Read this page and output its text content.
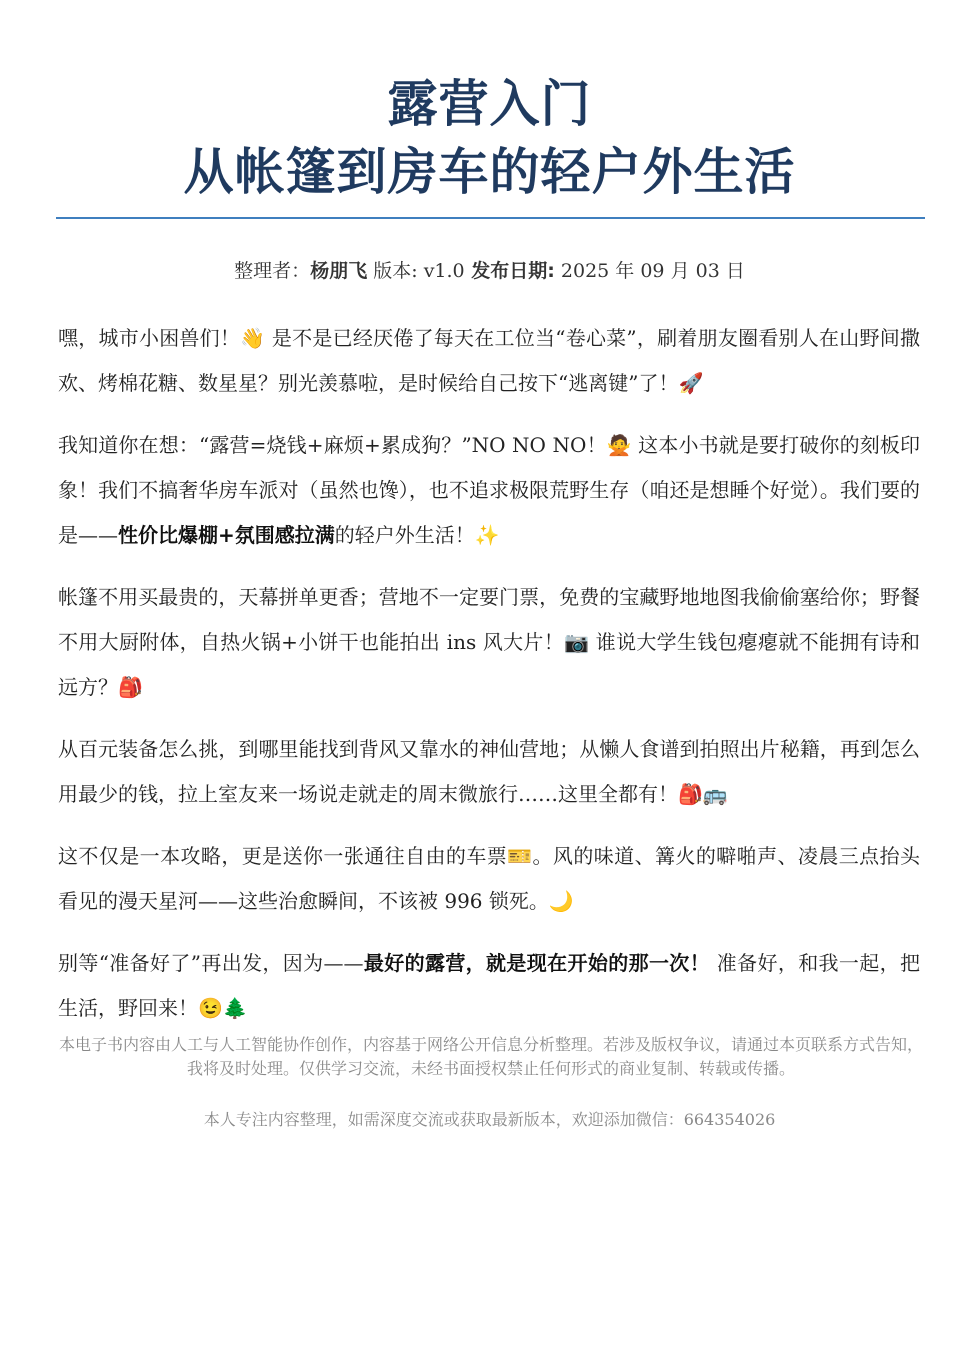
露营入门
从帐篷到房车的轻户外生活
整理者：杨朋飞 版本: v1.0 发布日期: 2025 年 09 月 03 日

嘿，城市小困兽们！👋 是不是已经厌倦了每天在工位当“卷心菜”，刷着朋友圈看别人在山野间撒欢、烤棉花糖、数星星？别光羡慕啦，是时候给自己按下“逃离键”了！🚀

我知道你在想：“露营=烧钱+麻烦+累成狗？”NO NO NO！🙅 这本小书就是要打破你的刻板印象！我们不搞奢华房车派对（虽然也馋），也不追求极限荒野生存（咱还是想睡个好觉）。我们要的是——性价比爆棚+氛围感拉满的轻户外生活！✨

帐篷不用买最贵的，天幕拼单更香；营地不一定要门票，免费的宝藏野地地图我偷偷塞给你；野餐不用大厨附体，自热火锅+小饼干也能拍出 ins 风大片！📷 谁说大学生钱包瘪瘪就不能拥有诗和远方？🎒

从百元装备怎么挑，到哪里能找到背风又靠水的神仙营地；从懒人食谱到拍照出片秘籍，再到怎么用最少的钱，拉上室友来一场说走就走的周末微旅行……这里全都有！🎒🚌

这不仅是一本攻略，更是送你一张通往自由的车票🎫。风的味道、篝火的噼啪声、凌晨三点抬头看见的漫天星河——这些治愈瞬间，不该被 996 锁死。🌙

别等“准备好了”再出发，因为——最好的露营，就是现在开始的那一次！ 准备好，和我一起，把生活，野回来！😉🌲

本电子书内容由人工与人工智能协作创作，内容基于网络公开信息分析整理。若涉及版权争议，请通过本页联系方式告知，我将及时处理。仅供学习交流，未经书面授权禁止任何形式的商业复制、转载或传播。
本人专注内容整理，如需深度交流或获取最新版本，欢迎添加微信：664354026
